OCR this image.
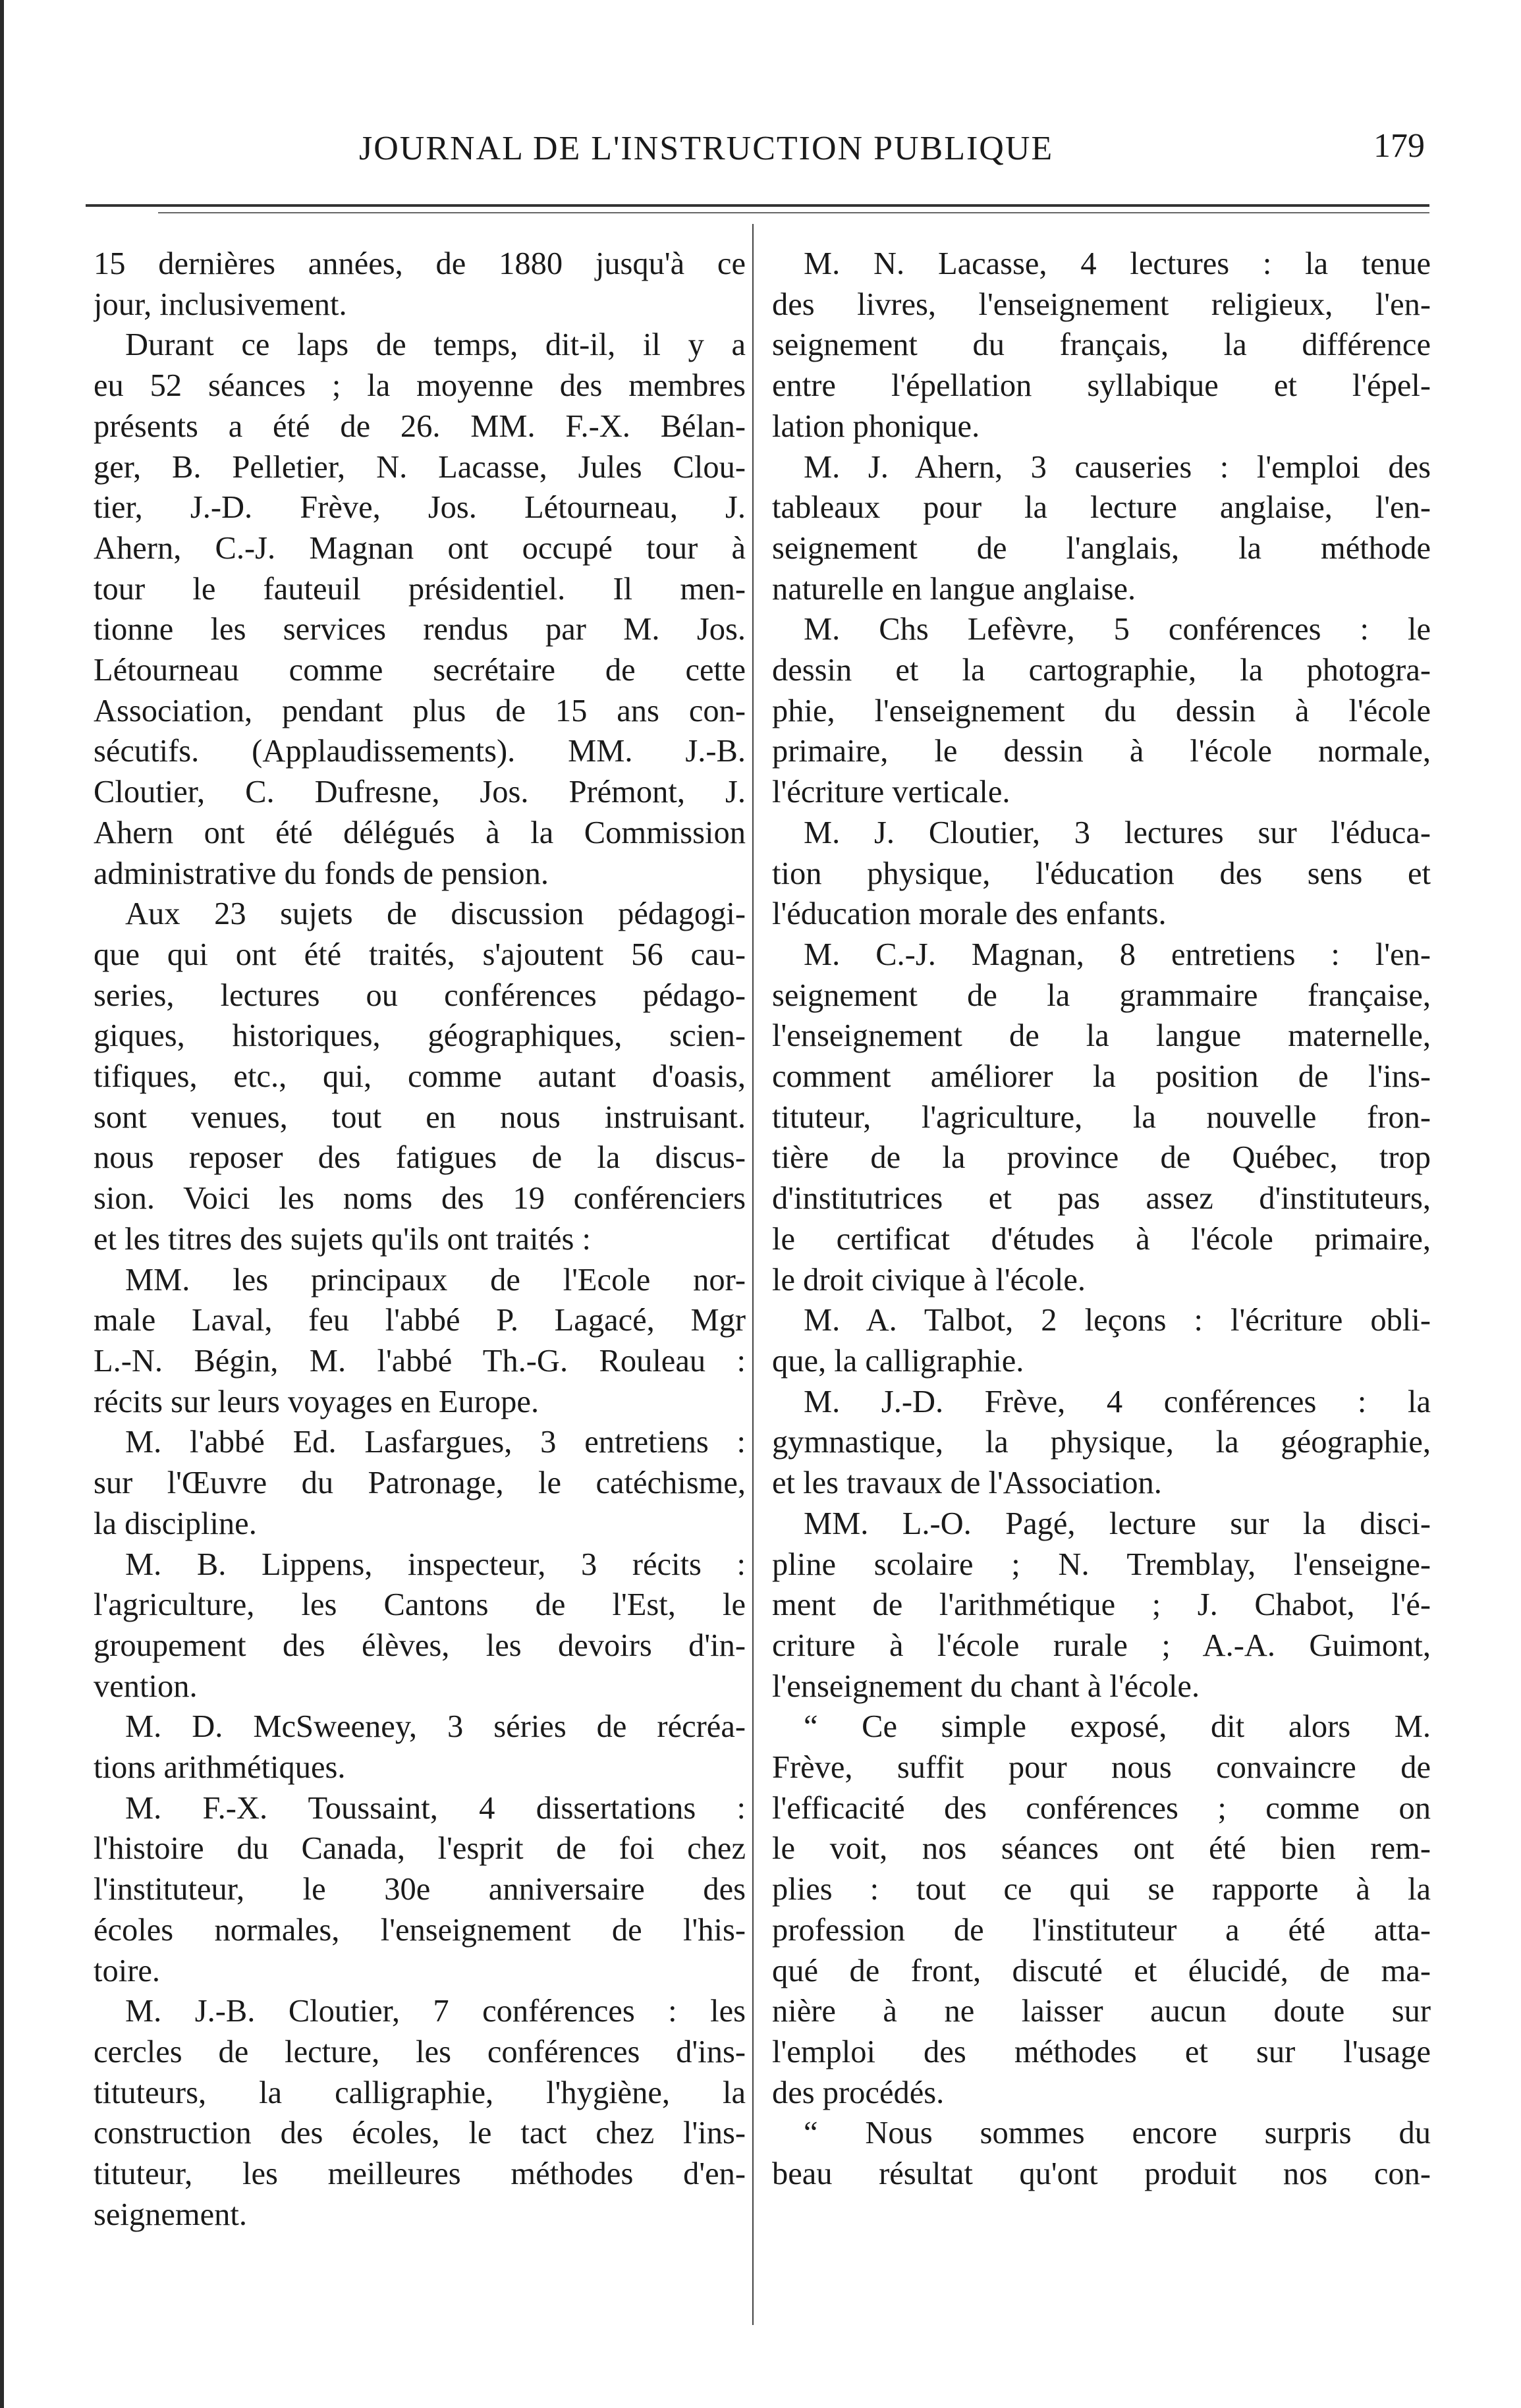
JOURNAL DE L'INSTRUCTION PUBLIQUE	179
15 dernières années, de 1880 jusqu'à ce
jour, inclusivement.
Durant ce laps de temps, dit-il, il y a
eu 52 séances ; la moyenne des membres
présents a été de 26. MM. F.-X. Bélan-
ger, B. Pelletier, N. Lacasse, Jules Clou-
tier, J.-D. Frève, Jos. Létourneau, J.
Ahern, C.-J. Magnan ont occupé tour à
tour le fauteuil présidentiel. Il men-
tionne les services rendus par M. Jos.
Létourneau comme secrétaire de cette
Association, pendant plus de 15 ans con-
sécutifs. (Applaudissements). MM. J.-B.
Cloutier, C. Dufresne, Jos. Prémont, J.
Ahern ont été délégués à la Commission
administrative du fonds de pension.
Aux 23 sujets de discussion pédagogi-
que qui ont été traités, s'ajoutent 56 cau-
series, lectures ou conférences pédago-
giques, historiques, géographiques, scien-
tifiques, etc., qui, comme autant d'oasis,
sont venues, tout en nous instruisant.
nous reposer des fatigues de la discus-
sion. Voici les noms des 19 conférenciers
et les titres des sujets qu'ils ont traités :
MM. les principaux de l'Ecole nor-
male Laval, feu l'abbé P. Lagacé, Mgr
L.-N. Bégin, M. l'abbé Th.-G. Rouleau :
récits sur leurs voyages en Europe.
M. l'abbé Ed. Lasfargues, 3 entretiens :
sur l'Œuvre du Patronage, le catéchisme,
la discipline.
M. B. Lippens, inspecteur, 3 récits :
l'agriculture, les Cantons de l'Est, le
groupement des élèves, les devoirs d'in-
vention.
M. D. McSweeney, 3 séries de récréa-
tions arithmétiques.
M. F.-X. Toussaint, 4 dissertations :
l'histoire du Canada, l'esprit de foi chez
l'instituteur, le 30e anniversaire des
écoles normales, l'enseignement de l'his-
toire.
M. J.-B. Cloutier, 7 conférences : les
cercles de lecture, les conférences d'ins-
tituteurs, la calligraphie, l'hygiène, la
construction des écoles, le tact chez l'ins-
tituteur, les meilleures méthodes d'en-
seignement.
M. N. Lacasse, 4 lectures : la tenue
des livres, l'enseignement religieux, l'en-
seignement du français, la différence
entre l'épellation syllabique et l'épel-
lation phonique.
M. J. Ahern, 3 causeries : l'emploi des
tableaux pour la lecture anglaise, l'en-
seignement de l'anglais, la méthode
naturelle en langue anglaise.
M. Chs Lefèvre, 5 conférences : le
dessin et la cartographie, la photogra-
phie, l'enseignement du dessin à l'école
primaire, le dessin à l'école normale,
l'écriture verticale.
M. J. Cloutier, 3 lectures sur l'éduca-
tion physique, l'éducation des sens et
l'éducation morale des enfants.
M. C.-J. Magnan, 8 entretiens : l'en-
seignement de la grammaire française,
l'enseignement de la langue maternelle,
comment améliorer la position de l'ins-
tituteur, l'agriculture, la nouvelle fron-
tière de la province de Québec, trop
d'institutrices et pas assez d'instituteurs,
le certificat d'études à l'école primaire,
le droit civique à l'école.
M. A. Talbot, 2 leçons : l'écriture obli-
que, la calligraphie.
M. J.-D. Frève, 4 conférences : la
gymnastique, la physique, la géographie,
et les travaux de l'Association.
MM. L.-O. Pagé, lecture sur la disci-
pline scolaire ; N. Tremblay, l'enseigne-
ment de l'arithmétique ; J. Chabot, l'é-
criture à l'école rurale ; A.-A. Guimont,
l'enseignement du chant à l'école.
“ Ce simple exposé, dit alors M.
Frève, suffit pour nous convaincre de
l'efficacité des conférences ; comme on
le voit, nos séances ont été bien rem-
plies : tout ce qui se rapporte à la
profession de l'instituteur a été atta-
qué de front, discuté et élucidé, de ma-
nière à ne laisser aucun doute sur
l'emploi des méthodes et sur l'usage
des procédés.
“ Nous sommes encore surpris du
beau résultat qu'ont produit nos con-
